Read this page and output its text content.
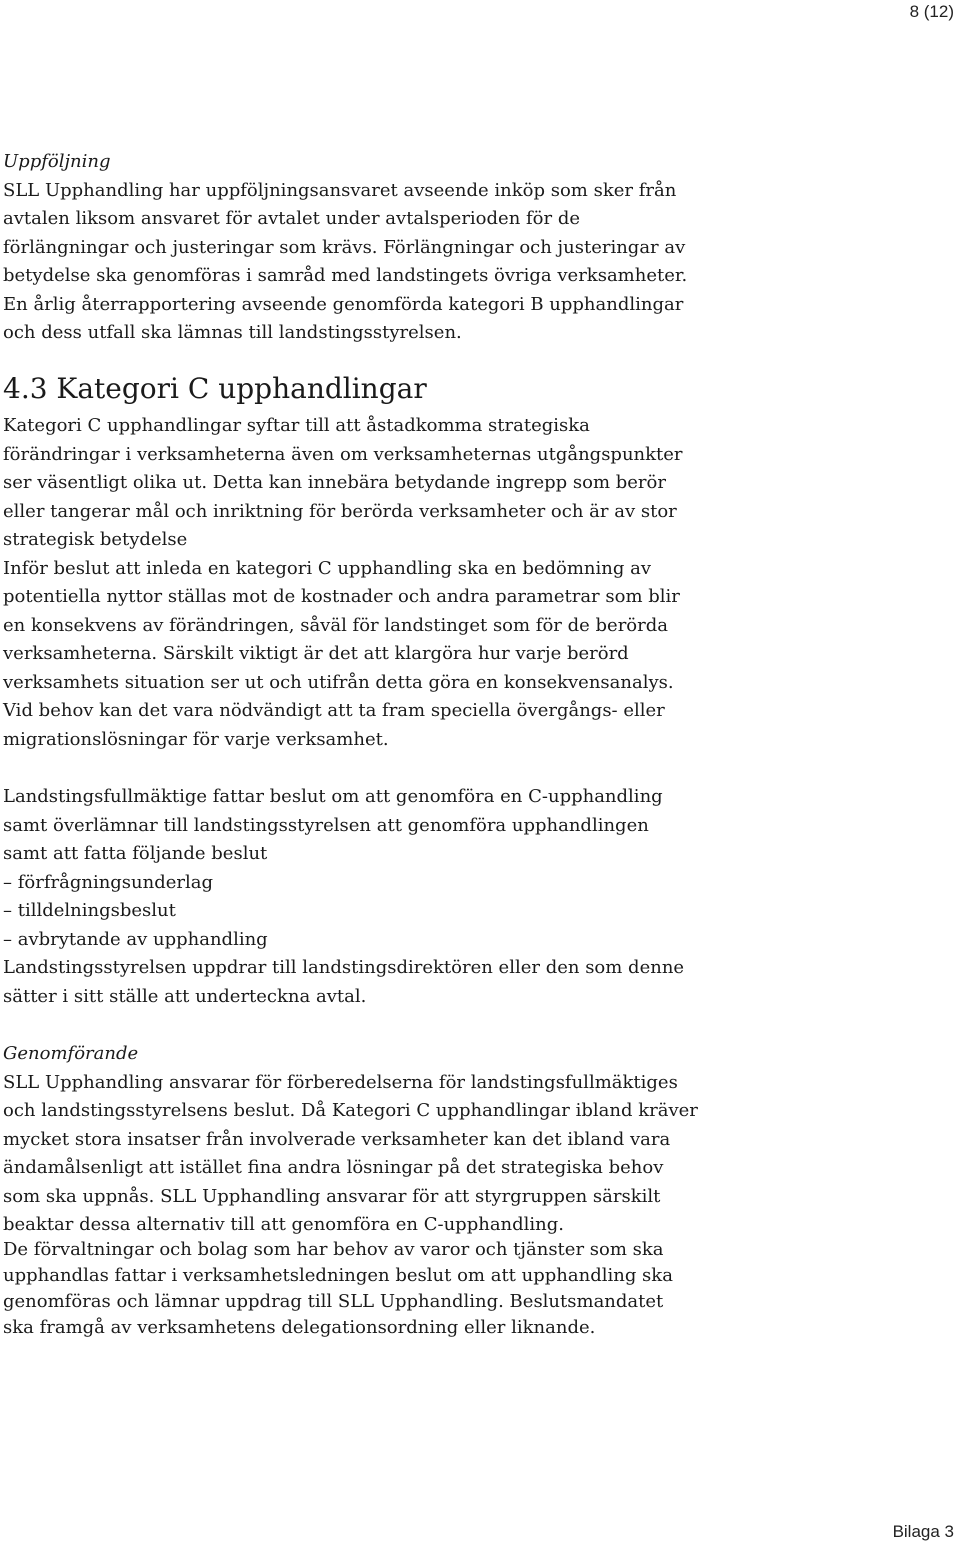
8 (12)
Uppföljning
SLL Upphandling har uppföljningsansvaret avseende inköp som sker från
avtalen liksom ansvaret för avtalet under avtalsperioden för de
förlängningar och justeringar som krävs. Förlängningar och justeringar av
betydelse ska genomföras i samråd med landstingets övriga verksamheter.
En årlig återrapportering avseende genomförda kategori B upphandlingar
och dess utfall ska lämnas till landstingsstyrelsen.
4.3 Kategori C upphandlingar
Kategori C upphandlingar syftar till att åstadkomma strategiska
förändringar i verksamheterna även om verksamheternas utgångspunkter
ser väsentligt olika ut. Detta kan innebära betydande ingrepp som berör
eller tangerar mål och inriktning för berörda verksamheter och är av stor
strategisk betydelse
Inför beslut att inleda en kategori C upphandling ska en bedömning av
potentiella nyttor ställas mot de kostnader och andra parametrar som blir
en konsekvens av förändringen, såväl för landstinget som för de berörda
verksamheterna. Särskilt viktigt är det att klargöra hur varje berörd
verksamhets situation ser ut och utifrån detta göra en konsekvensanalys.
Vid behov kan det vara nödvändigt att ta fram speciella övergångs- eller
migrationslösningar för varje verksamhet.
Landstingsfullmäktige fattar beslut om att genomföra en C-upphandling
samt överlämnar till landstingsstyrelsen att genomföra upphandlingen
samt att fatta följande beslut
– förfrågningsunderlag
– tilldelningsbeslut
– avbrytande av upphandling
Landstingsstyrelsen uppdrar till landstingsdirektören eller den som denne
sätter i sitt ställe att underteckna avtal.
Genomförande
SLL Upphandling ansvarar för förberedelserna för landstingsfullmäktiges
och landstingsstyrelsens beslut. Då Kategori C upphandlingar ibland kräver
mycket stora insatser från involverade verksamheter kan det ibland vara
ändamålsenligt att istället fina andra lösningar på det strategiska behov
som ska uppnås. SLL Upphandling ansvarar för att styrgruppen särskilt
beaktar dessa alternativ till att genomföra en C-upphandling.
De förvaltningar och bolag som har behov av varor och tjänster som ska
upphandlas fattar i verksamhetsledningen beslut om att upphandling ska
genomföras och lämnar uppdrag till SLL Upphandling. Beslutsmandatet
ska framgå av verksamhetens delegationsordning eller liknande.
Bilaga 3
